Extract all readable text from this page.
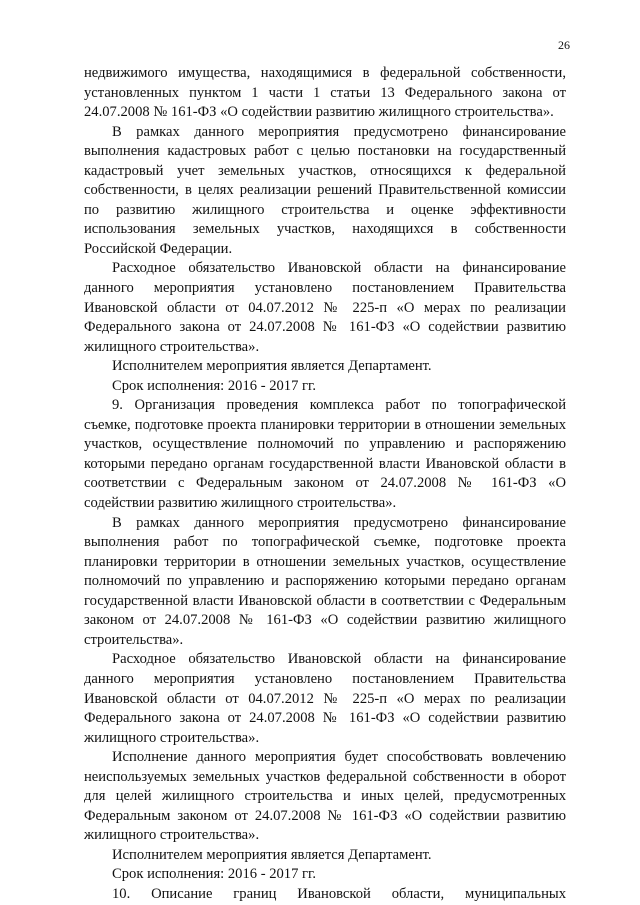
26

недвижимого имущества, находящимися в федеральной собственности, установленных пунктом 1 части 1 статьи 13 Федерального закона от 24.07.2008 № 161-ФЗ «О содействии развитию жилищного строительства».

В рамках данного мероприятия предусмотрено финансирование выполнения кадастровых работ с целью постановки на государственный кадастровый учет земельных участков, относящихся к федеральной собственности, в целях реализации решений Правительственной комиссии по развитию жилищного строительства и оценке эффективности использования земельных участков, находящихся в собственности Российской Федерации.

Расходное обязательство Ивановской области на финансирование данного мероприятия установлено постановлением Правительства Ивановской области от 04.07.2012 № 225-п «О мерах по реализации Федерального закона от 24.07.2008 № 161-ФЗ «О содействии развитию жилищного строительства».

Исполнителем мероприятия является Департамент.

Срок исполнения: 2016 - 2017 гг.

9. Организация проведения комплекса работ по топографической съемке, подготовке проекта планировки территории в отношении земельных участков, осуществление полномочий по управлению и распоряжению которыми передано органам государственной власти Ивановской области в соответствии с Федеральным законом от 24.07.2008 № 161-ФЗ «О содействии развитию жилищного строительства».

В рамках данного мероприятия предусмотрено финансирование выполнения работ по топографической съемке, подготовке проекта планировки территории в отношении земельных участков, осуществление полномочий по управлению и распоряжению которыми передано органам государственной власти Ивановской области в соответствии с Федеральным законом от 24.07.2008 № 161-ФЗ «О содействии развитию жилищного строительства».

Расходное обязательство Ивановской области на финансирование данного мероприятия установлено постановлением Правительства Ивановской области от 04.07.2012 № 225-п «О мерах по реализации Федерального закона от 24.07.2008 № 161-ФЗ «О содействии развитию жилищного строительства».

Исполнение данного мероприятия будет способствовать вовлечению неиспользуемых земельных участков федеральной собственности в оборот для целей жилищного строительства и иных целей, предусмотренных Федеральным законом от 24.07.2008 № 161-ФЗ «О содействии развитию жилищного строительства».

Исполнителем мероприятия является Департамент.

Срок исполнения: 2016 - 2017 гг.

10. Описание границ Ивановской области, муниципальных
